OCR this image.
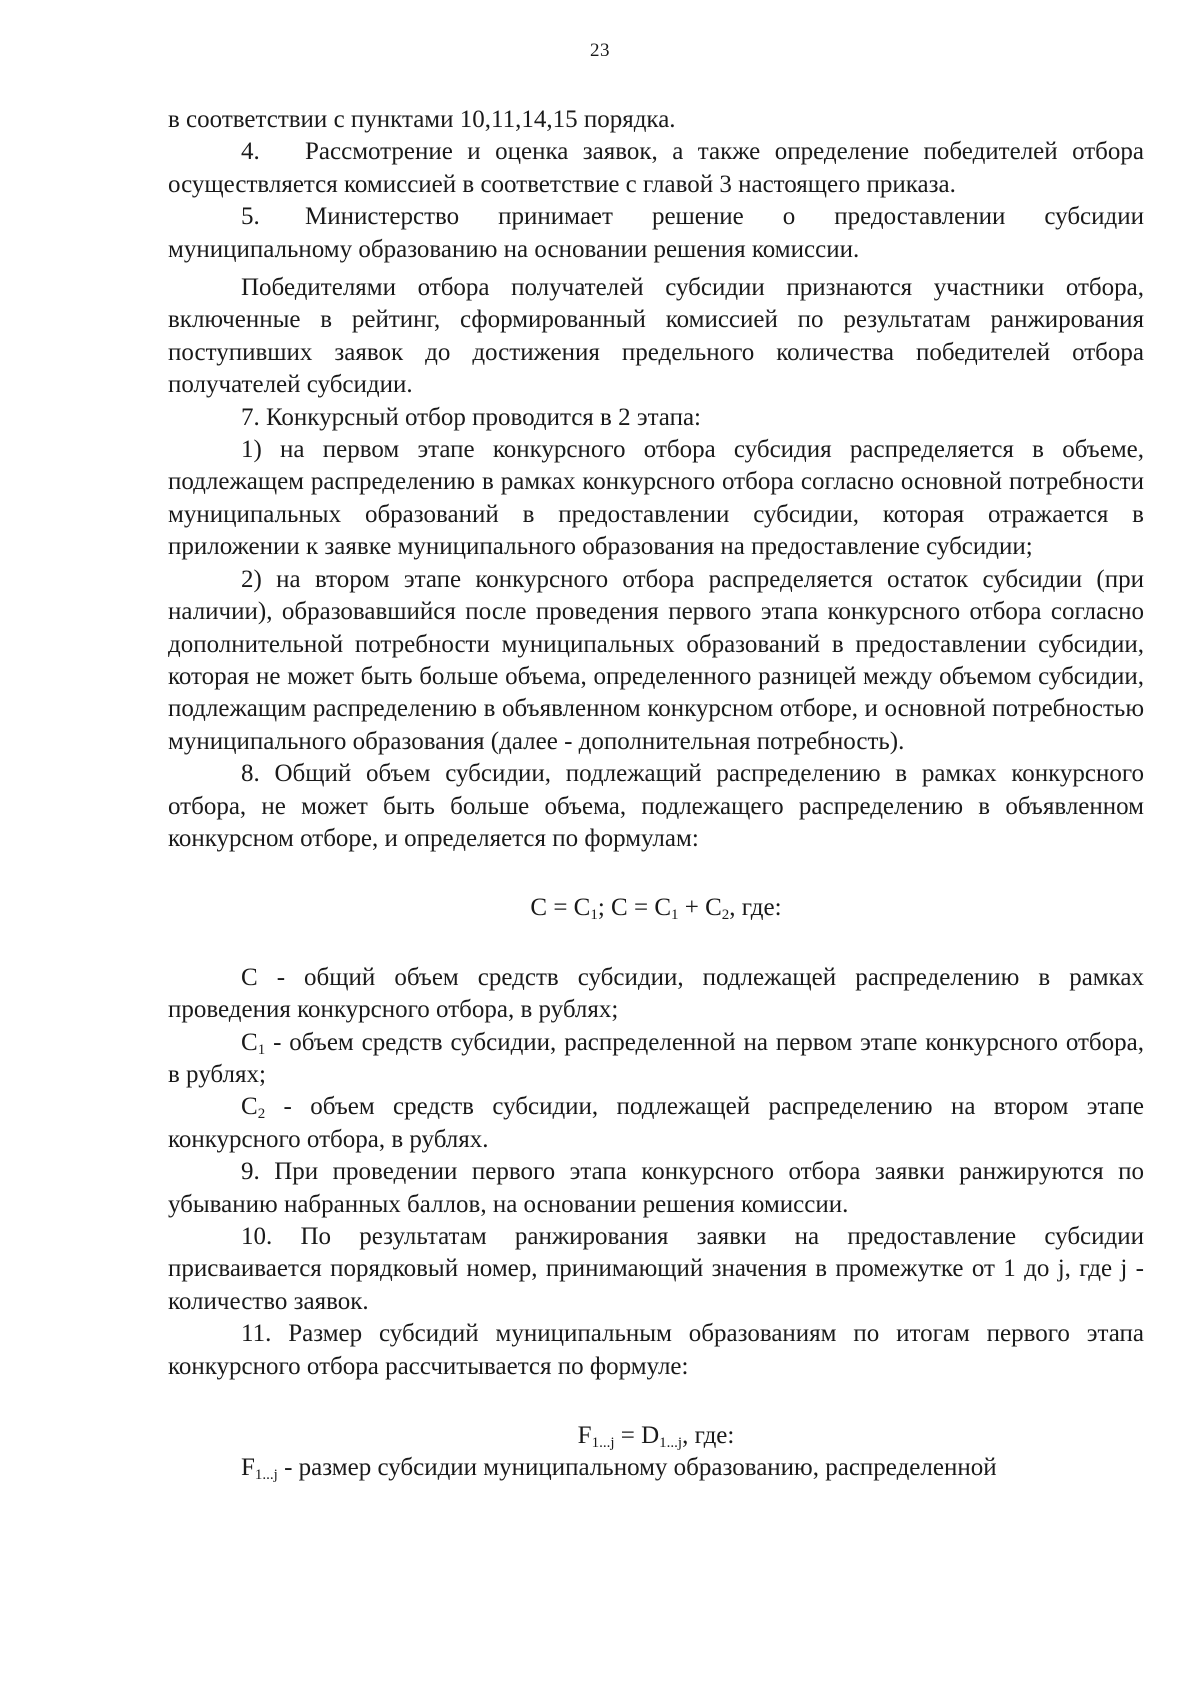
23

в соответствии с пунктами 10,11,14,15 порядка.

4. Рассмотрение и оценка заявок, а также определение победителей отбора осуществляется комиссией в соответствие с главой 3 настоящего приказа.

5. Министерство принимает решение о предоставлении субсидии муниципальному образованию на основании решения комиссии.

Победителями отбора получателей субсидии признаются участники отбора, включенные в рейтинг, сформированный комиссией по результатам ранжирования поступивших заявок до достижения предельного количества победителей отбора получателей субсидии.

7. Конкурсный отбор проводится в 2 этапа:

1) на первом этапе конкурсного отбора субсидия распределяется в объеме, подлежащем распределению в рамках конкурсного отбора согласно основной потребности муниципальных образований в предоставлении субсидии, которая отражается в приложении к заявке муниципального образования на предоставление субсидии;

2) на втором этапе конкурсного отбора распределяется остаток субсидии (при наличии), образовавшийся после проведения первого этапа конкурсного отбора согласно дополнительной потребности муниципальных образований в предоставлении субсидии, которая не может быть больше объема, определенного разницей между объемом субсидии, подлежащим распределению в объявленном конкурсном отборе, и основной потребностью муниципального образования (далее - дополнительная потребность).

8. Общий объем субсидии, подлежащий распределению в рамках конкурсного отбора, не может быть больше объема, подлежащего распределению в объявленном конкурсном отборе, и определяется по формулам:

$С = С_1$; $С = С_1 + С_2$, где:

С - общий объем средств субсидии, подлежащей распределению в рамках проведения конкурсного отбора, в рублях;

$С_1$ - объем средств субсидии, распределенной на первом этапе конкурсного отбора, в рублях;

$С_2$ - объем средств субсидии, подлежащей распределению на втором этапе конкурсного отбора, в рублях.

9. При проведении первого этапа конкурсного отбора заявки ранжируются по убыванию набранных баллов, на основании решения комиссии.

10. По результатам ранжирования заявки на предоставление субсидии присваивается порядковый номер, принимающий значения в промежутке от 1 до j, где j - количество заявок.

11. Размер субсидий муниципальным образованиям по итогам первого этапа конкурсного отбора рассчитывается по формуле:

$F_{1...j} = D_{1...j}$, где:

$F_{1...j}$ - размер субсидии муниципальному образованию, распределенной
